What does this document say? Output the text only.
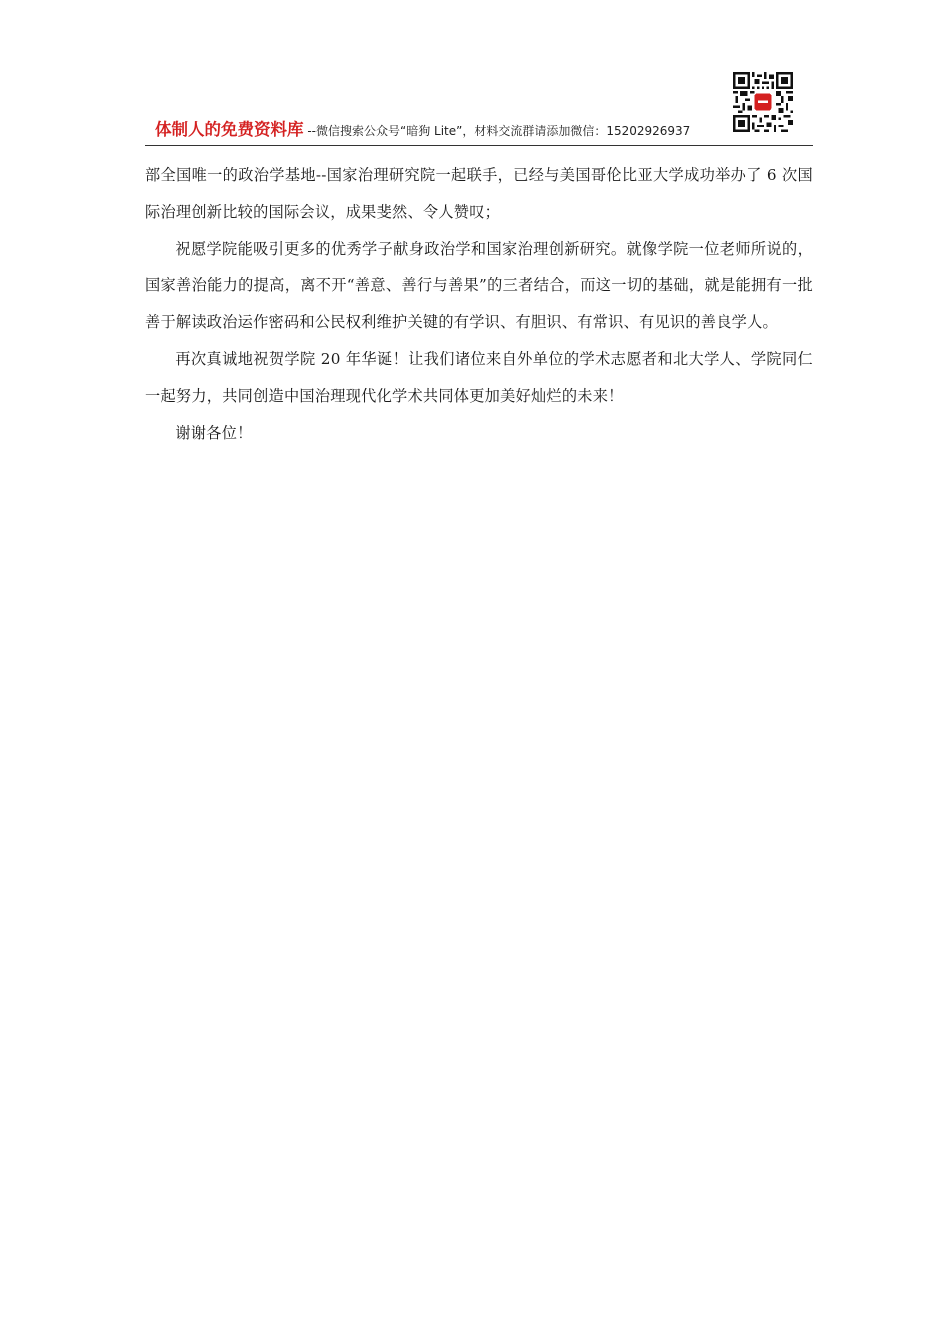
体制人的免费资料库 --微信搜索公众号“暗狗 Lite”，材料交流群请添加微信：15202926937

部全国唯一的政治学基地--国家治理研究院一起联手，已经与美国哥伦比亚大学成功举办了 6 次国际治理创新比较的国际会议，成果斐然、令人赞叹；

祝愿学院能吸引更多的优秀学子献身政治学和国家治理创新研究。就像学院一位老师所说的，国家善治能力的提高，离不开“善意、善行与善果”的三者结合，而这一切的基础，就是能拥有一批善于解读政治运作密码和公民权利维护关键的有学识、有胆识、有常识、有见识的善良学人。

再次真诚地祝贺学院 20 年华诞！让我们诸位来自外单位的学术志愿者和北大学人、学院同仁一起努力，共同创造中国治理现代化学术共同体更加美好灿烂的未来！

谢谢各位！
